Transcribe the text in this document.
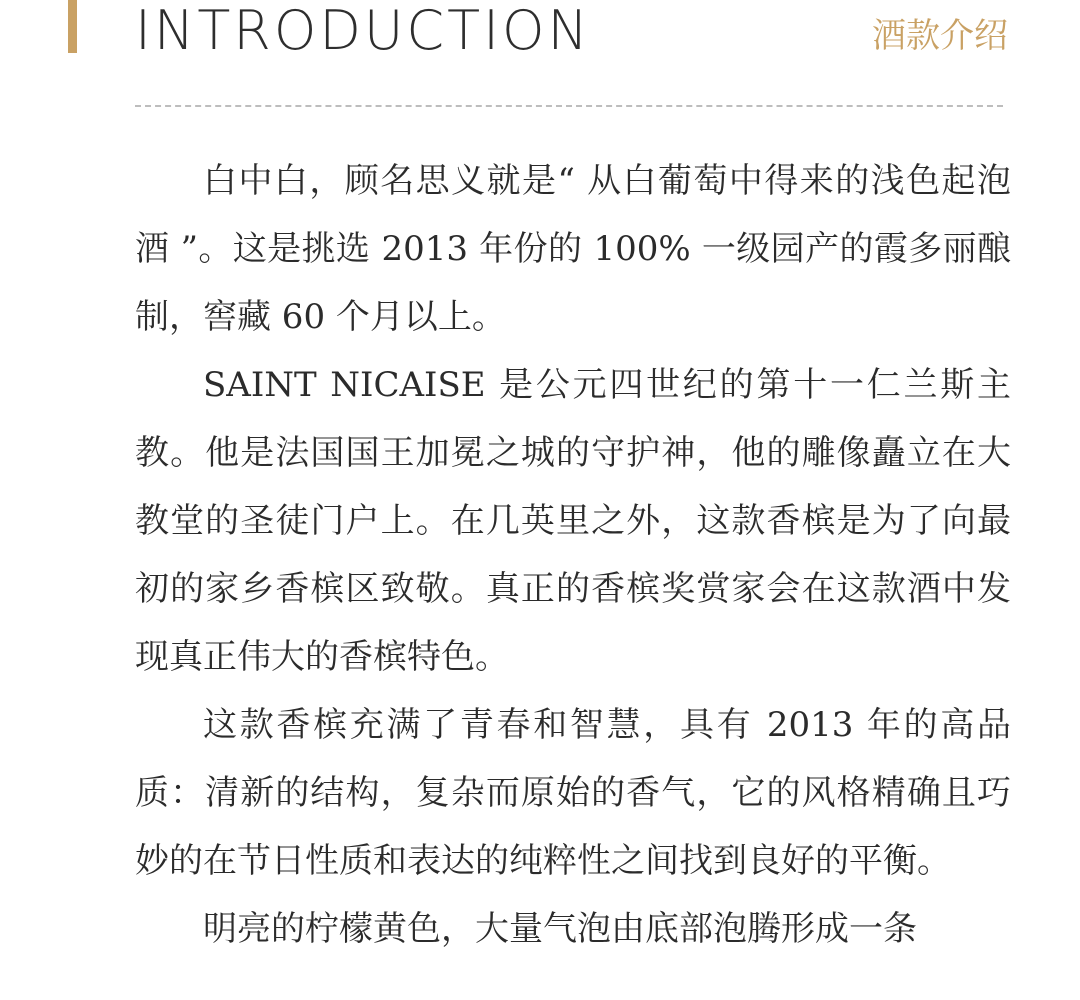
INTRODUCTION	酒款介绍

白中白，顾名思义就是“ 从白葡萄中得来的浅色起泡酒 ”。这是挑选 2013 年份的 100% 一级园产的霞多丽酿制，窖藏 60 个月以上。

SAINT NICAISE 是公元四世纪的第十一仁兰斯主教。他是法国国王加冕之城的守护神，他的雕像矗立在大教堂的圣徒门户上。在几英里之外，这款香槟是为了向最初的家乡香槟区致敬。真正的香槟奖赏家会在这款酒中发现真正伟大的香槟特色。

这款香槟充满了青春和智慧，具有 2013 年的高品质：清新的结构，复杂而原始的香气，它的风格精确且巧妙的在节日性质和表达的纯粹性之间找到良好的平衡。

明亮的柠檬黄色，大量气泡由底部泡腾形成一条
